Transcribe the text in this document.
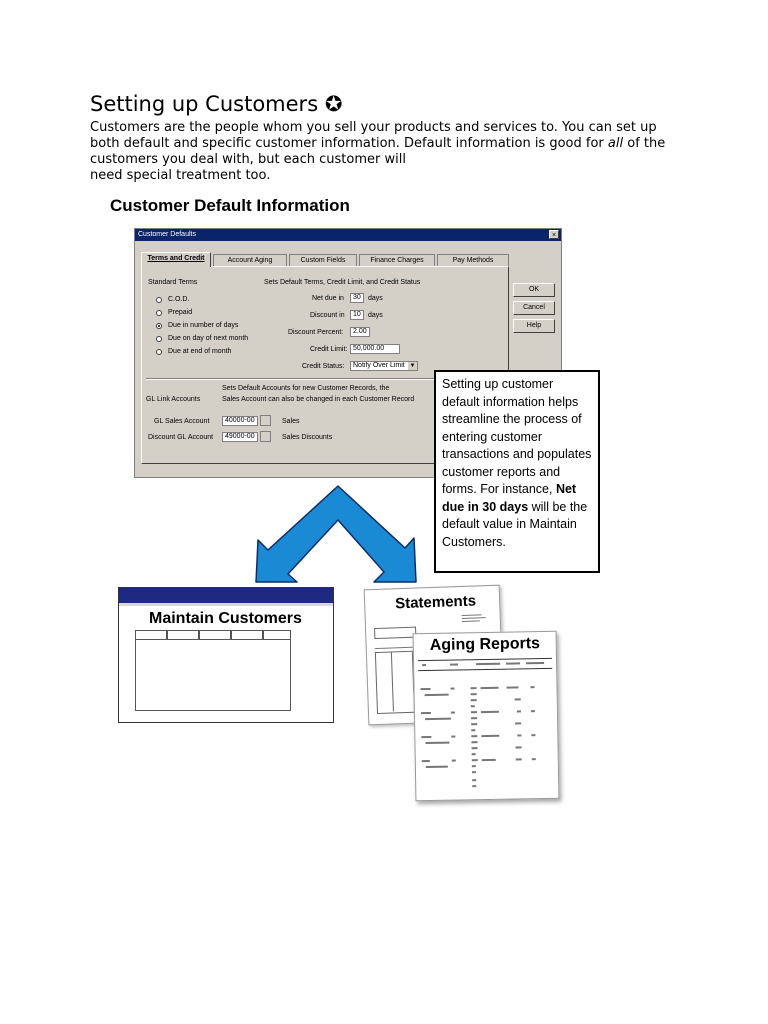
Setting up Customers ✪

Customers are the people whom you sell your products and services to. You can set up both default and specific customer information. Default information is good for all of the customers you deal with, but each customer will
need special treatment too.

Customer Default Information
Customer Defaults	×
Terms and Credit	Account Aging	Custom Fields	Finance Charges	Pay Methods
Standard Terms	Sets Default Terms, Credit Limit, and Credit Status
C.O.D.
Prepaid
Due in number of days
Due on day of next month
Due at end of month
Net due in	30	days
Discount in	10	days
Discount Percent:	2.00
Credit Limit: 50,000.00
Credit Status:	Notify Over Limit ▼
Sets Default Accounts for new Customer Records, the
GL Link Accounts	Sales Account can also be changed in each Customer Record
GL Sales Account	40000-00	Sales
Discount GL Account	49000-00	Sales Discounts
OK
Cancel
Help
Setting up customer default information helps streamline the process of entering customer transactions and populates customer reports and forms. For instance, Net due in 30 days will be the default value in Maintain Customers.
Maintain Customers
Statements
Aging Reports
